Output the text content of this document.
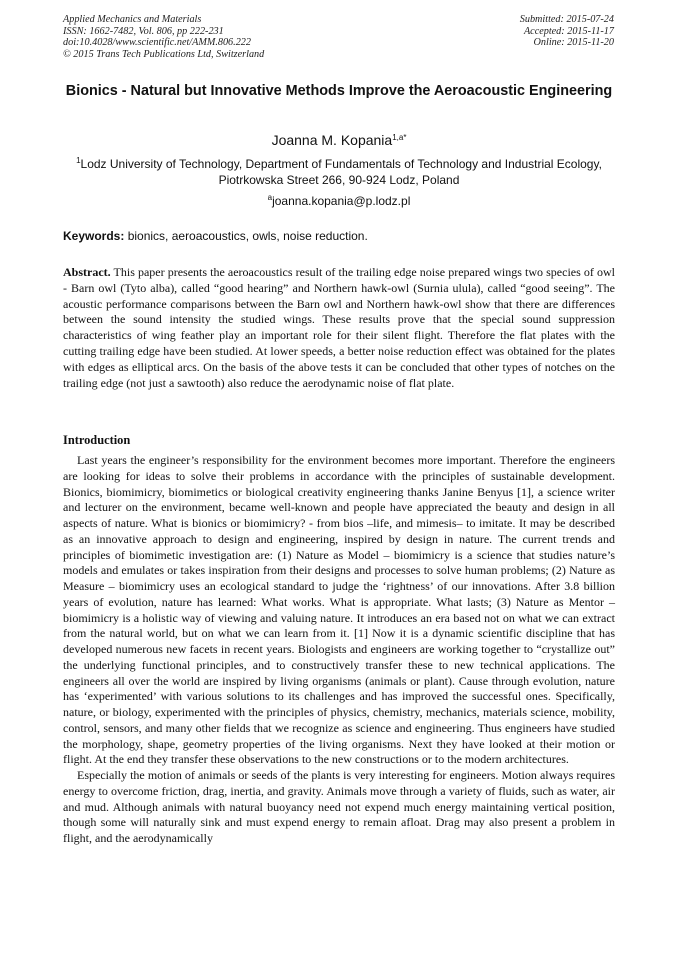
Applied Mechanics and Materials
ISSN: 1662-7482, Vol. 806, pp 222-231
doi:10.4028/www.scientific.net/AMM.806.222
© 2015 Trans Tech Publications Ltd, Switzerland
Submitted: 2015-07-24
Accepted: 2015-11-17
Online: 2015-11-20
Bionics - Natural but Innovative Methods Improve the Aeroacoustic Engineering
Joanna M. Kopania$^{1,a*}$
$^1$Lodz University of Technology, Department of Fundamentals of Technology and Industrial Ecology, Piotrkowska Street 266, 90-924 Lodz, Poland
$^a$joanna.kopania@p.lodz.pl
Keywords: bionics, aeroacoustics, owls, noise reduction.
Abstract. This paper presents the aeroacoustics result of the trailing edge noise prepared wings two species of owl - Barn owl (Tyto alba), called “good hearing” and Northern hawk-owl (Surnia ulula), called “good seeing”. The acoustic performance comparisons between the Barn owl and Northern hawk-owl show that there are differences between the sound intensity the studied wings. These results prove that the special sound suppression characteristics of wing feather play an important role for their silent flight. Therefore the flat plates with the cutting trailing edge have been studied. At lower speeds, a better noise reduction effect was obtained for the plates with edges as elliptical arcs. On the basis of the above tests it can be concluded that other types of notches on the trailing edge (not just a sawtooth) also reduce the aerodynamic noise of flat plate.
Introduction

Last years the engineer’s responsibility for the environment becomes more important. Therefore the engineers are looking for ideas to solve their problems in accordance with the principles of sustainable development. Bionics, biomimicry, biomimetics or biological creativity engineering thanks Janine Benyus [1], a science writer and lecturer on the environment, became well-known and people have appreciated the beauty and design in all aspects of nature. What is bionics or biomimicry? - from bios –life, and mimesis– to imitate. It may be described as an innovative approach to design and engineering, inspired by design in nature. The current trends and principles of biomimetic investigation are: (1) Nature as Model – biomimicry is a science that studies nature’s models and emulates or takes inspiration from their designs and processes to solve human problems; (2) Nature as Measure – biomimicry uses an ecological standard to judge the ‘rightness’ of our innovations. After 3.8 billion years of evolution, nature has learned: What works. What is appropriate. What lasts; (3) Nature as Mentor – biomimicry is a holistic way of viewing and valuing nature. It introduces an era based not on what we can extract from the natural world, but on what we can learn from it. [1] Now it is a dynamic scientific discipline that has developed numerous new facets in recent years. Biologists and engineers are working together to “crystallize out” the underlying functional principles, and to constructively transfer these to new technical applications. The engineers all over the world are inspired by living organisms (animals or plant). Cause through evolution, nature has ‘experimented’ with various solutions to its challenges and has improved the successful ones. Specifically, nature, or biology, experimented with the principles of physics, chemistry, mechanics, materials science, mobility, control, sensors, and many other fields that we recognize as science and engineering. Thus engineers have studied the morphology, shape, geometry properties of the living organisms. Next they have looked at their motion or flight. At the end they transfer these observations to the new constructions or to the modern architectures.

Especially the motion of animals or seeds of the plants is very interesting for engineers. Motion always requires energy to overcome friction, drag, inertia, and gravity. Animals move through a variety of fluids, such as water, air and mud. Although animals with natural buoyancy need not expend much energy maintaining vertical position, though some will naturally sink and must expend energy to remain afloat. Drag may also present a problem in flight, and the aerodynamically
